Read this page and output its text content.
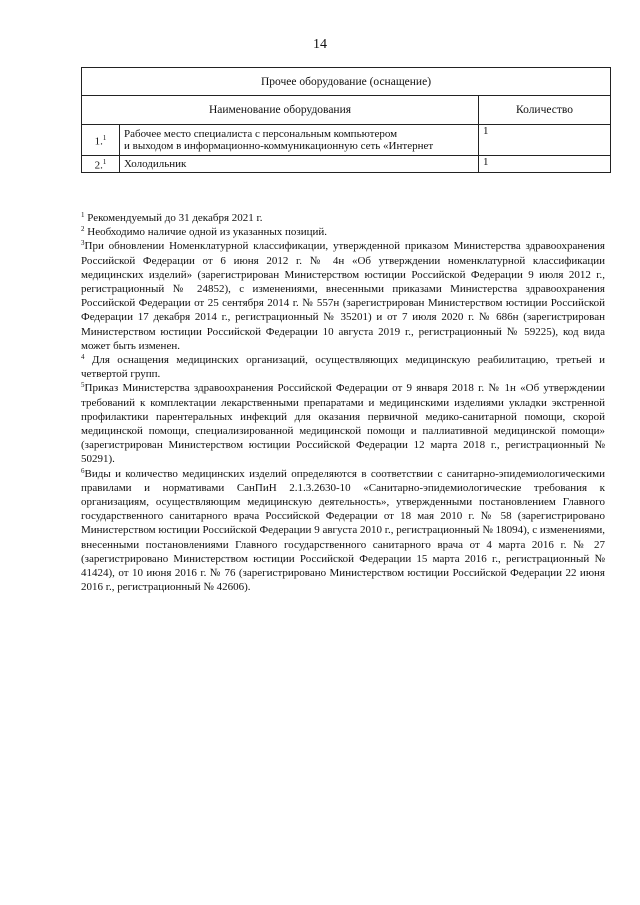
14
Прочее оборудование (оснащение)		
Наименование оборудования		Количество
1.$^1$	Рабочее место специалиста с персональным компьютером
и выходом в информационно-коммуникационную сеть «Интернет	1
2.$^1$	Холодильник	1

$^1$ Рекомендуемый до 31 декабря 2021 г.

$^2$ Необходимо наличие одной из указанных позиций.

$^3$При обновлении Номенклатурной классификации, утвержденной приказом Министерства здравоохранения Российской Федерации от 6 июня 2012 г. № 4н «Об утверждении номенклатурной классификации медицинских изделий» (зарегистрирован Министерством юстиции Российской Федерации 9 июля 2012 г., регистрационный № 24852), с изменениями, внесенными приказами Министерства здравоохранения Российской Федерации от 25 сентября 2014 г. № 557н (зарегистрирован Министерством юстиции Российской Федерации 17 декабря 2014 г., регистрационный № 35201) и от 7 июля 2020 г. № 686н (зарегистрирован Министерством юстиции Российской Федерации 10 августа 2019 г., регистрационный № 59225), код вида может быть изменен.

$^4$ Для оснащения медицинских организаций, осуществляющих медицинскую реабилитацию, третьей и четвертой групп.

$^5$Приказ Министерства здравоохранения Российской Федерации от 9 января 2018 г. № 1н «Об утверждении требований к комплектации лекарственными препаратами и медицинскими изделиями укладки экстренной профилактики парентеральных инфекций для оказания первичной медико-санитарной помощи, скорой медицинской помощи, специализированной медицинской помощи и паллиативной медицинской помощи» (зарегистрирован Министерством юстиции Российской Федерации 12 марта 2018 г., регистрационный № 50291).

$^6$Виды и количество медицинских изделий определяются в соответствии с санитарно-эпидемиологическими правилами и нормативами СанПиН 2.1.3.2630-10 «Санитарно-эпидемиологические требования к организациям, осуществляющим медицинскую деятельность», утвержденными постановлением Главного государственного санитарного врача Российской Федерации от 18 мая 2010 г. № 58 (зарегистрировано Министерством юстиции Российской Федерации 9 августа 2010 г., регистрационный № 18094), с изменениями, внесенными постановлениями Главного государственного санитарного врача от 4 марта 2016 г. № 27 (зарегистрировано Министерством юстиции Российской Федерации 15 марта 2016 г., регистрационный № 41424), от 10 июня 2016 г. № 76 (зарегистрировано Министерством юстиции Российской Федерации 22 июня 2016 г., регистрационный № 42606).
